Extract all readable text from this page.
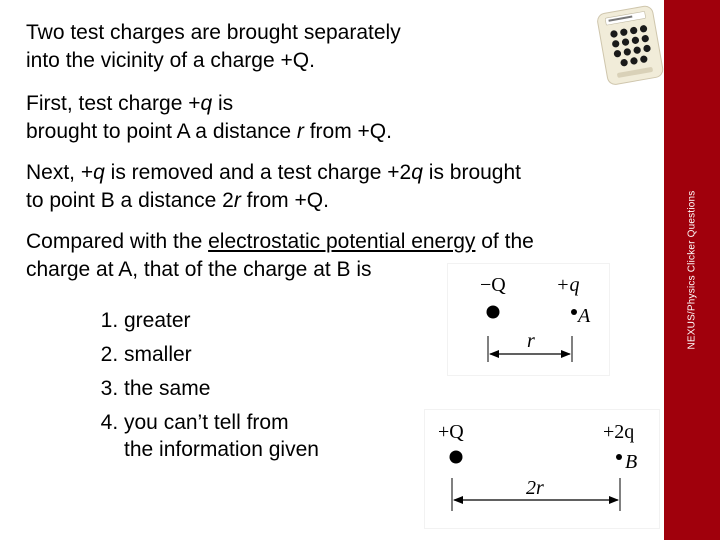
Two test charges are brought separately
into the vicinity of a charge +Q.

First, test charge +q is
brought to point A a distance r from +Q.

Next, +q is removed and a test charge +2q is brought
to point B a distance 2r from +Q.

Compared with the electrostatic potential energy of the
charge at A, that of the charge at B is

1. greater
2. smaller
3. the same
4. you can’t tell from
the information given
−Q	+q
A
r
+Q	+2q
B
2r
NEXUS/Physics Clicker Questions
